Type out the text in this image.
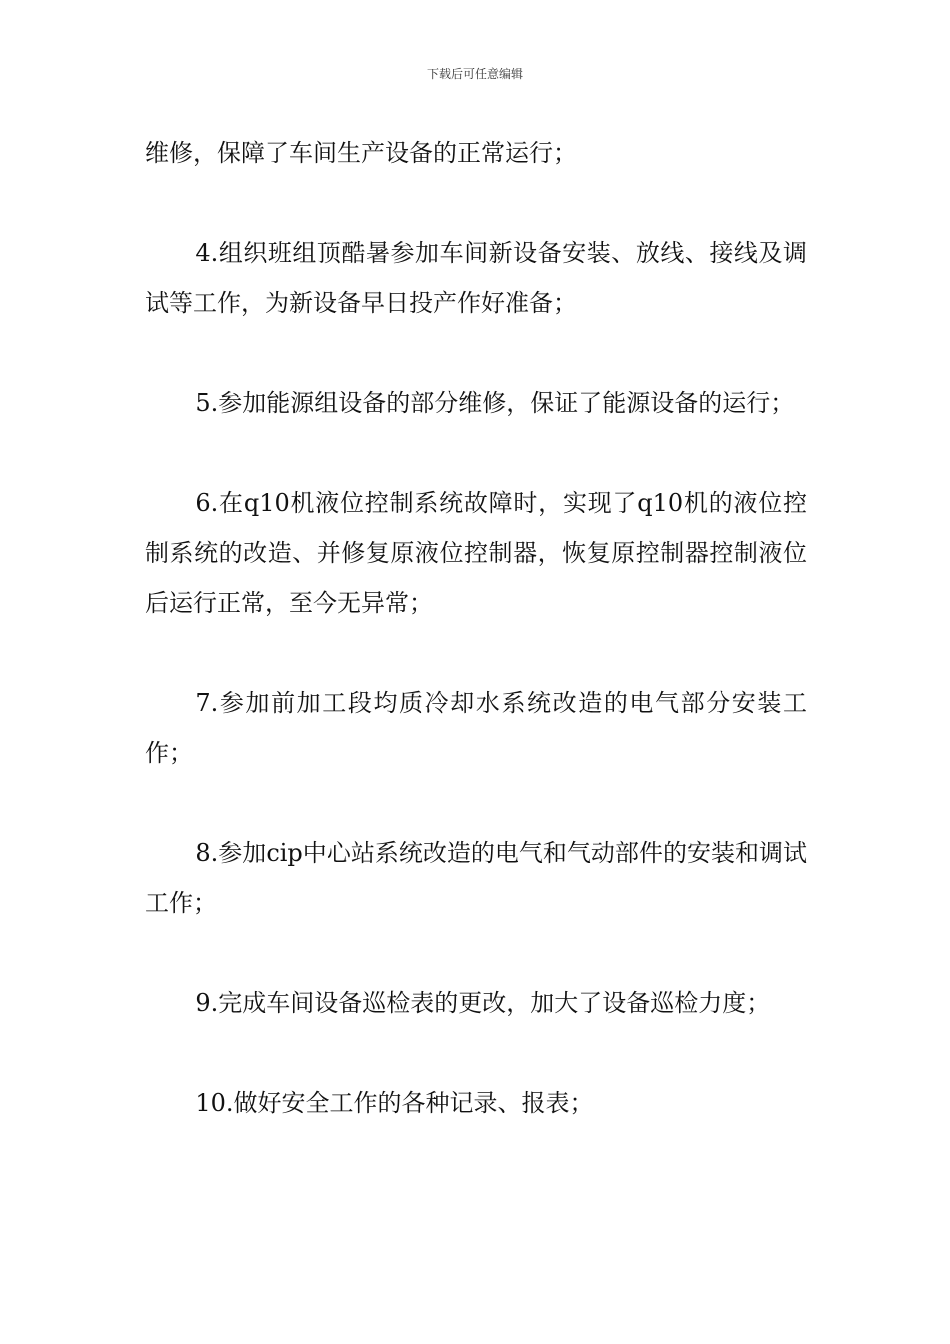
下载后可任意编辑

维修，保障了车间生产设备的正常运行；

4.组织班组顶酷暑参加车间新设备安装、放线、接线及调试等工作，为新设备早日投产作好准备；

5.参加能源组设备的部分维修，保证了能源设备的运行；

6.在q10机液位控制系统故障时，实现了q10机的液位控制系统的改造、并修复原液位控制器，恢复原控制器控制液位后运行正常，至今无异常；

7.参加前加工段均质冷却水系统改造的电气部分安装工作；

8.参加cip中心站系统改造的电气和气动部件的安装和调试工作；

9.完成车间设备巡检表的更改，加大了设备巡检力度；

10.做好安全工作的各种记录、报表；
